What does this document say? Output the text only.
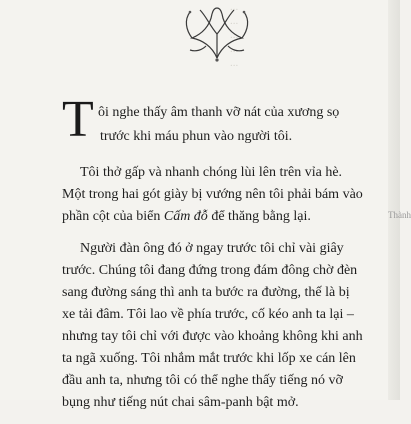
...
...
...
...
...
Thành
T ôi nghe thấy âm thanh vỡ nát của xương sọ
trước khi máu phun vào người tôi.
Tôi thở gấp và nhanh chóng lùi lên trên vỉa hè.
Một trong hai gót giày bị vướng nên tôi phải bám vào
phần cột của biển Cấm đỗ để thăng bằng lại.
Người đàn ông đó ở ngay trước tôi chỉ vài giây
trước. Chúng tôi đang đứng trong đám đông chờ đèn
sang đường sáng thì anh ta bước ra đường, thế là bị
xe tải đâm. Tôi lao về phía trước, cố kéo anh ta lại –
nhưng tay tôi chỉ với được vào khoảng không khi anh
ta ngã xuống. Tôi nhắm mắt trước khi lốp xe cán lên
đầu anh ta, nhưng tôi có thể nghe thấy tiếng nó vỡ
bụng như tiếng nút chai sâm-panh bật mở.
